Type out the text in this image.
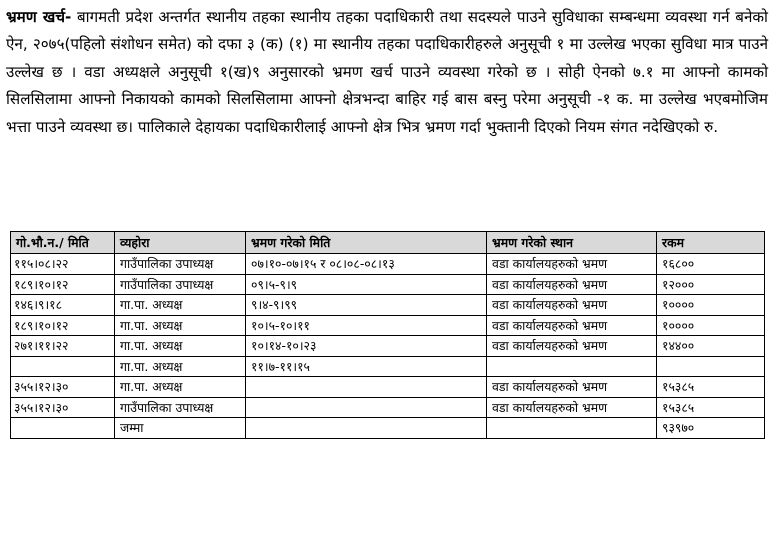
भ्रमण खर्च- बागमती प्रदेश अन्तर्गत स्थानीय तहका स्थानीय तहका पदाधिकारी तथा सदस्यले पाउने सुविधाका सम्बन्धमा व्यवस्था गर्न बनेको ऐन, २०७५(पहिलो संशोधन समेत) को दफा ३ (क) (१) मा स्थानीय तहका पदाधिकारीहरुले अनुसूची १ मा उल्लेख भएका सुविधा मात्र पाउने उल्लेख छ । वडा अध्यक्षले अनुसूची १(ख)९ अनुसारको भ्रमण खर्च पाउने व्यवस्था गरेको छ । सोही ऐनको ७.१ मा आफ्नो कामको सिलसिलामा आफ्नो निकायको कामको सिलसिलामा आफ्नो क्षेत्रभन्दा बाहिर गई बास बस्नु परेमा अनुसूची -१ क. मा उल्लेख भएबमोजिम भत्ता पाउने व्यवस्था छ। पालिकाले देहायका पदाधिकारीलाई आफ्नो क्षेत्र भित्र भ्रमण गर्दा भुक्तानी दिएको नियम संगत नदेखिएको रु.
गो.भौ.न./ मिति	व्यहोरा	भ्रमण गरेको मिति	भ्रमण गरेको स्थान	रकम
११५।०८।२२	गाउँपालिका उपाध्यक्ष	०७।१०-०७।१५ र ०८।०८-०८।१३	वडा कार्यालयहरुको भ्रमण	१६८००
१८९।१०।१२	गाउँपालिका उपाध्यक्ष	०९।५-९।९	वडा कार्यालयहरुको भ्रमण	१२०००
१४६।९।१८	गा.पा. अध्यक्ष	९।४-९।९९	वडा कार्यालयहरुको भ्रमण	१००००
१८९।१०।१२	गा.पा. अध्यक्ष	१०।५-१०।११	वडा कार्यालयहरुको भ्रमण	१००००
२७१।११।२२	गा.पा. अध्यक्ष	१०।१४-१०।२३	वडा कार्यालयहरुको भ्रमण	१४४००
	गा.पा. अध्यक्ष	११।७-११।१५		
३५५।१२।३०	गा.पा. अध्यक्ष		वडा कार्यालयहरुको भ्रमण	१५३८५
३५५।१२।३०	गाउँपालिका उपाध्यक्ष		वडा कार्यालयहरुको भ्रमण	१५३८५
	जम्मा			९३९७०
